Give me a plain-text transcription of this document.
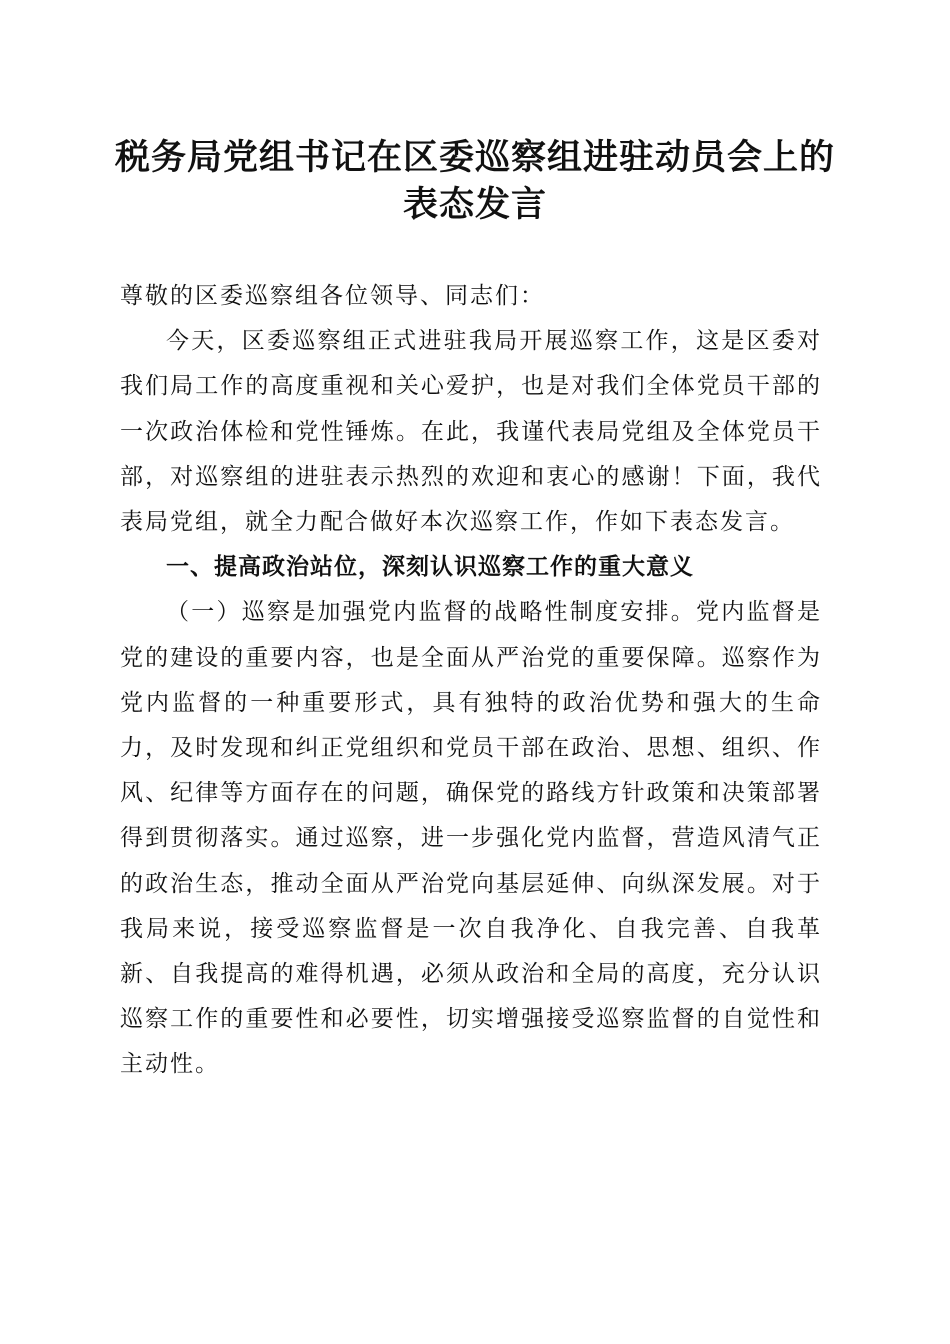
税务局党组书记在区委巡察组进驻动员会上的
表态发言

尊敬的区委巡察组各位领导、同志们：

今天，区委巡察组正式进驻我局开展巡察工作，这是区委对我们局工作的高度重视和关心爱护，也是对我们全体党员干部的一次政治体检和党性锤炼。在此，我谨代表局党组及全体党员干部，对巡察组的进驻表示热烈的欢迎和衷心的感谢！下面，我代表局党组，就全力配合做好本次巡察工作，作如下表态发言。

一、提高政治站位，深刻认识巡察工作的重大意义

（一）巡察是加强党内监督的战略性制度安排。党内监督是党的建设的重要内容，也是全面从严治党的重要保障。巡察作为党内监督的一种重要形式，具有独特的政治优势和强大的生命力，及时发现和纠正党组织和党员干部在政治、思想、组织、作风、纪律等方面存在的问题，确保党的路线方针政策和决策部署得到贯彻落实。通过巡察，进一步强化党内监督，营造风清气正的政治生态，推动全面从严治党向基层延伸、向纵深发展。对于我局来说，接受巡察监督是一次自我净化、自我完善、自我革新、自我提高的难得机遇，必须从政治和全局的高度，充分认识巡察工作的重要性和必要性，切实增强接受巡察监督的自觉性和主动性。
